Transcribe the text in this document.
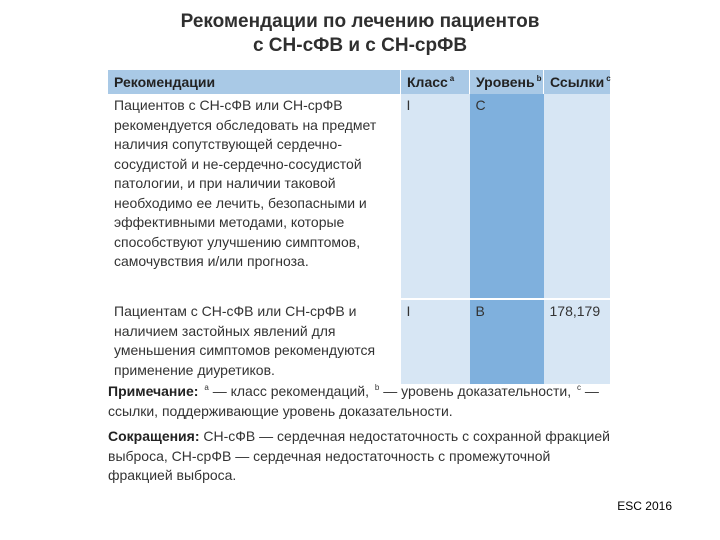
Рекомендации по лечению пациентов
с СН-сФВ и с СН-срФВ
Рекомендации	Класс $^a$	Уровень $^b$	Ссылки $^c$
Пациентов с СН-сФВ или СН-срФВ рекомендуется обследовать на предмет наличия сопутствующей сердечно-сосудистой и не-сердечно-сосудистой патологии, и при наличии таковой необходимо ее лечить, безопасными и эффективными методами, которые способствуют улучшению симптомов, самочувствия и/или прогноза.	I	C	
Пациентам с СН-сФВ или СН-срФВ и наличием застойных явлений для уменьшения симптомов рекомендуются применение диуретиков.	I	B	178,179

Примечание: $^a$ — класс рекомендаций, $^b$ — уровень доказательности, $^c$ — ссылки, поддерживающие уровень доказательности.

Сокращения: СН-сФВ — сердечная недостаточность с сохранной фракцией выброса, СН-срФВ — сердечная недостаточность с промежуточной фракцией выброса.

ESC 2016
